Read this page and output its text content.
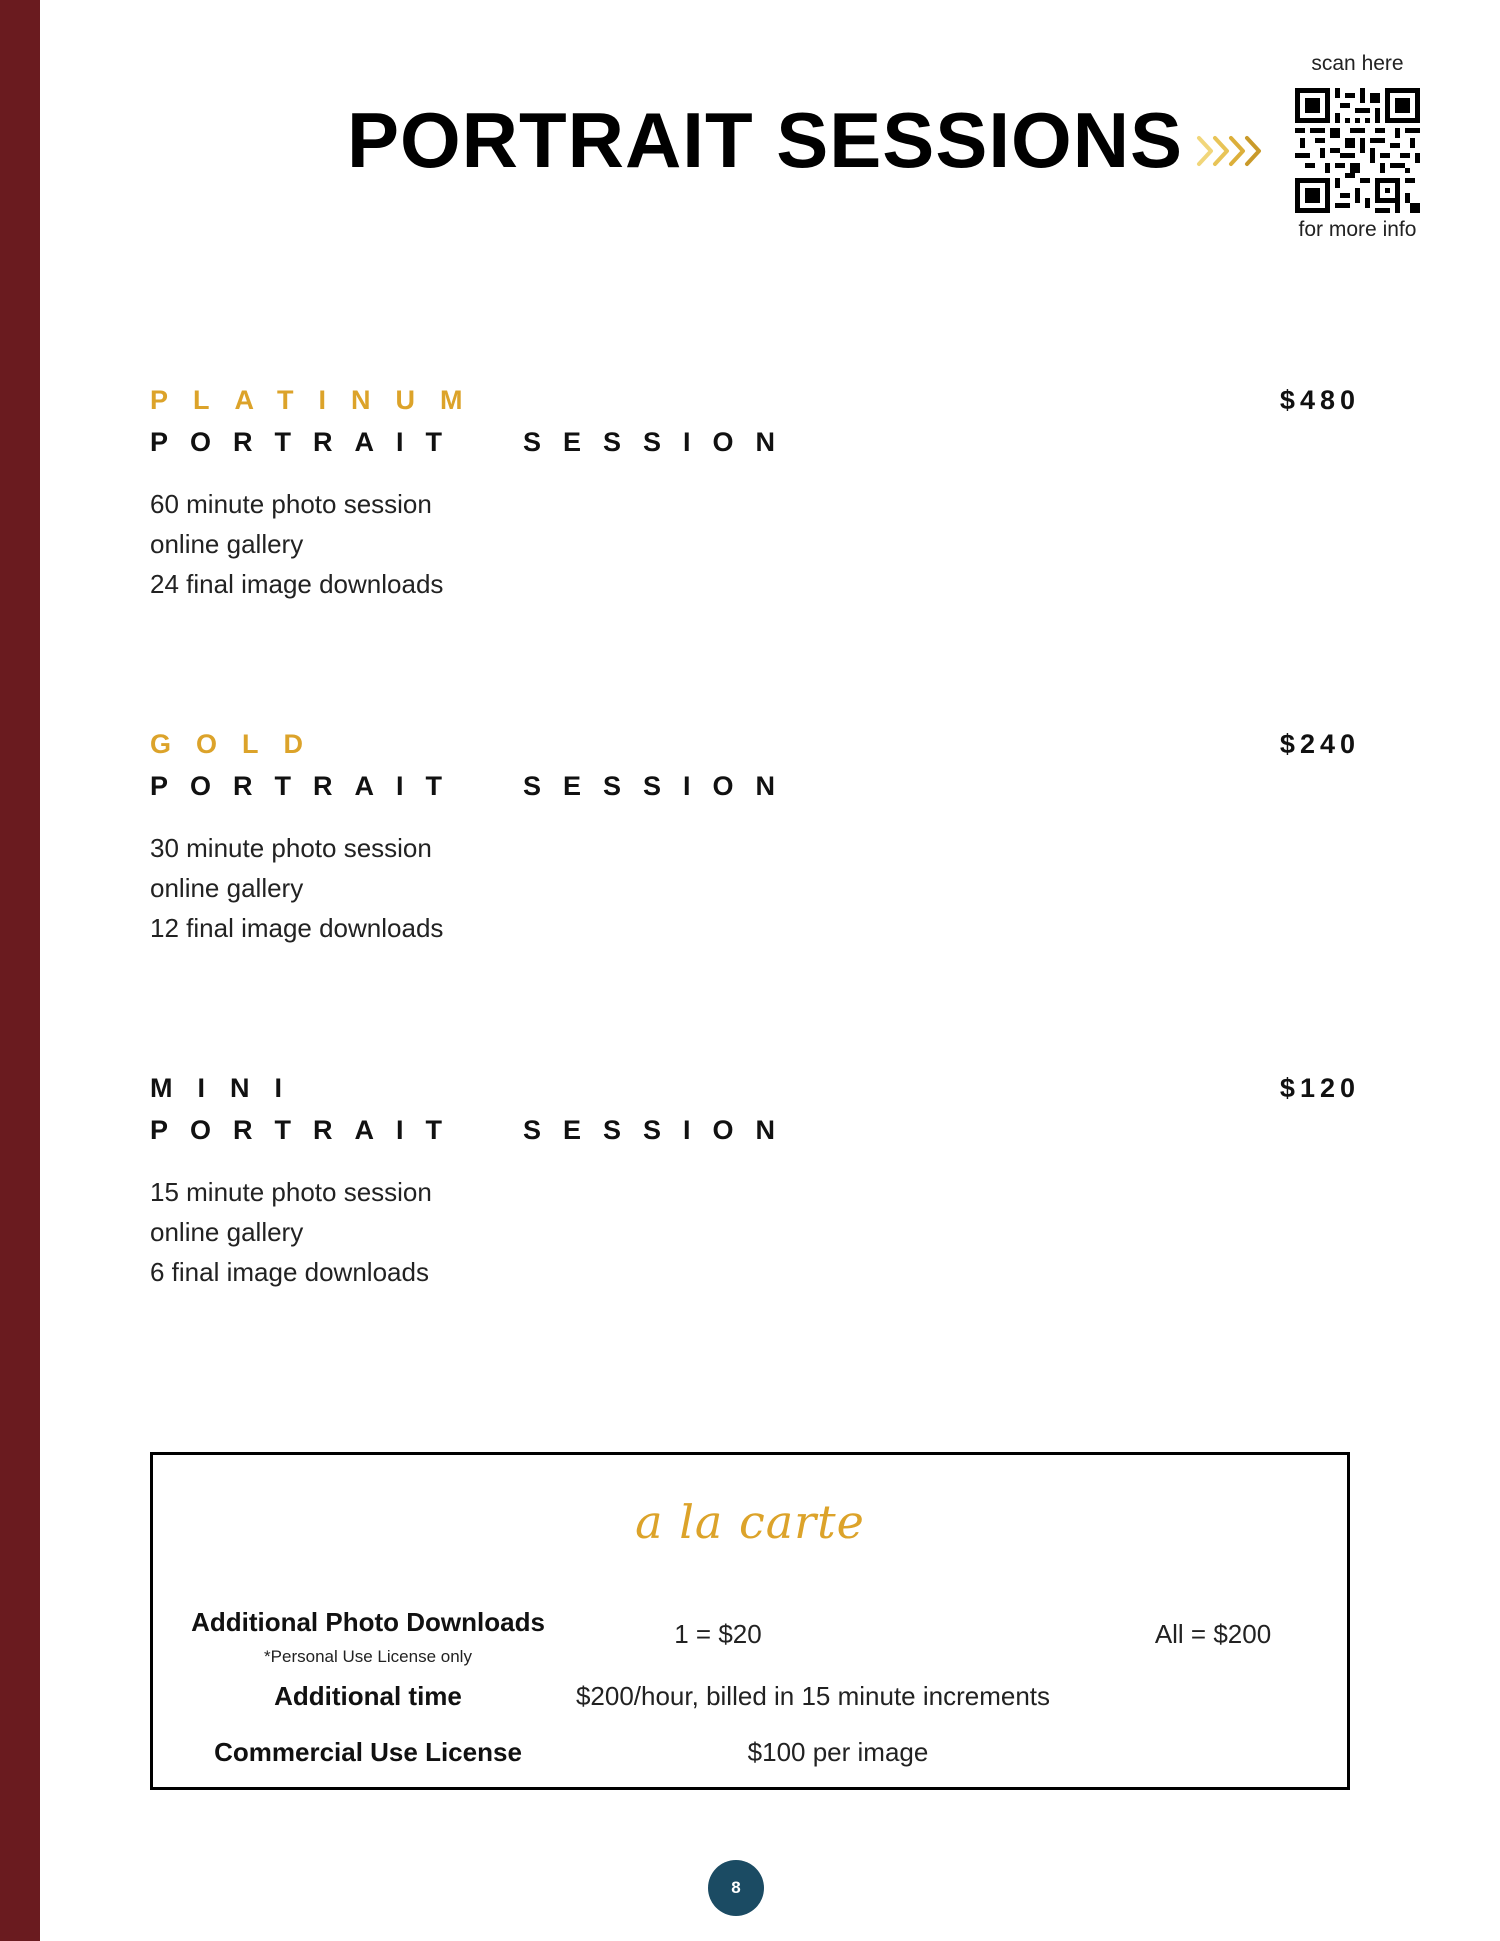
PORTRAIT SESSIONS
scan here
for more info
PLATINUM
PORTRAIT  SESSION
$480
60 minute photo session
online gallery
24 final image downloads
GOLD
PORTRAIT  SESSION
$240
30 minute photo session
online gallery
12 final image downloads
MINI
PORTRAIT  SESSION
$120
15 minute photo session
online gallery
6 final image downloads
a la carte
Additional Photo Downloads
*Personal Use License only
1 = $20	All = $200
Additional time	$200/hour, billed in 15 minute increments
Commercial Use License	$100 per image
8
